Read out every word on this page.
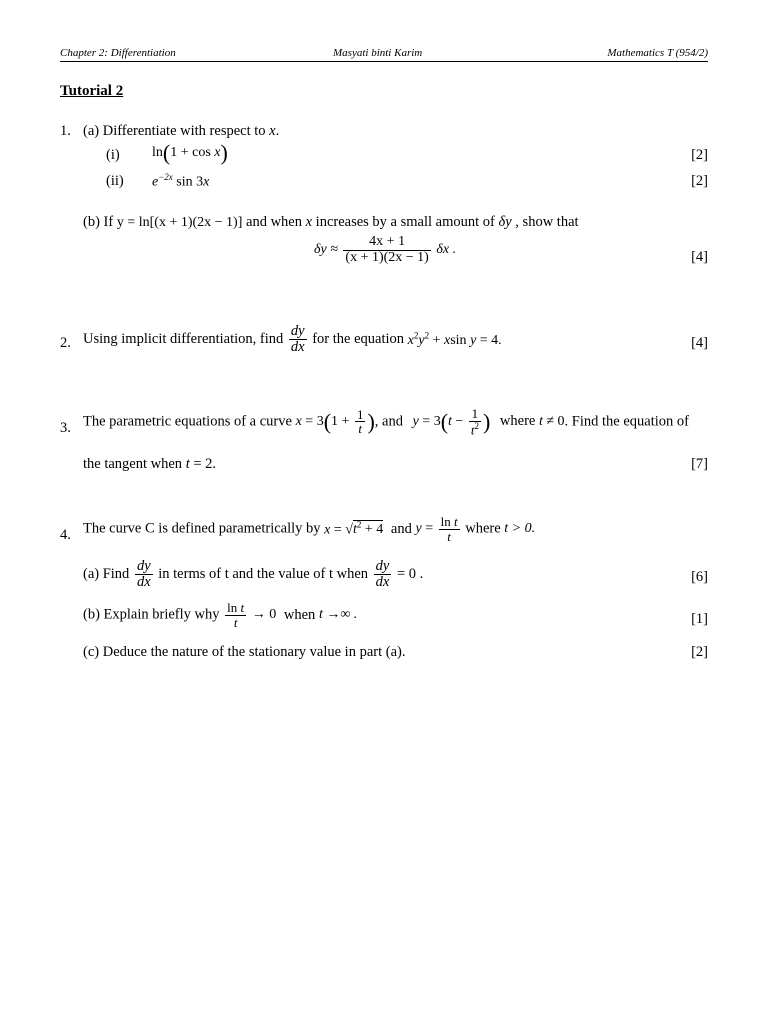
Chapter 2: Differentiation	Masyati binti Karim	Mathematics T (954/2)
Tutorial 2
1. (a) Differentiate with respect to x.
(i) ln(1 + cos x)	[2]
(ii) $e^{-2x}$ sin 3x	[2]
(b) If y = ln[(x + 1)(2x − 1)] and when x increases by a small amount of δy , show that
$\delta y \approx \frac{4x + 1}{(x + 1)(2x - 1)}$ δx .	[4]
2. Using implicit differentiation, find $\frac{dy}{dx}$ for the equation $x^2y^2 + xsin$ y = 4.	[4]
3. The parametric equations of a curve $x = 3(1 + \frac{1}{t}$ ), and $y = 3(t - \frac{1}{t^2}$ ) where t ≠ 0. Find the equation of
the tangent when t = 2.	[7]
4. The curve C is defined parametrically by $x = √t^2 + 4$ and $y = \frac{\text{ln t}}{t}$ where t > 0.
(a) Find $\frac{dy}{dx}$ in terms of t and the value of t when $\frac{dy}{dx} = 0$ .	[6]
(b) Explain briefly why $\frac{\text{ln t}}{t} \to 0$ when t →∞ .	[1]
(c) Deduce the nature of the stationary value in part (a).	[2]
